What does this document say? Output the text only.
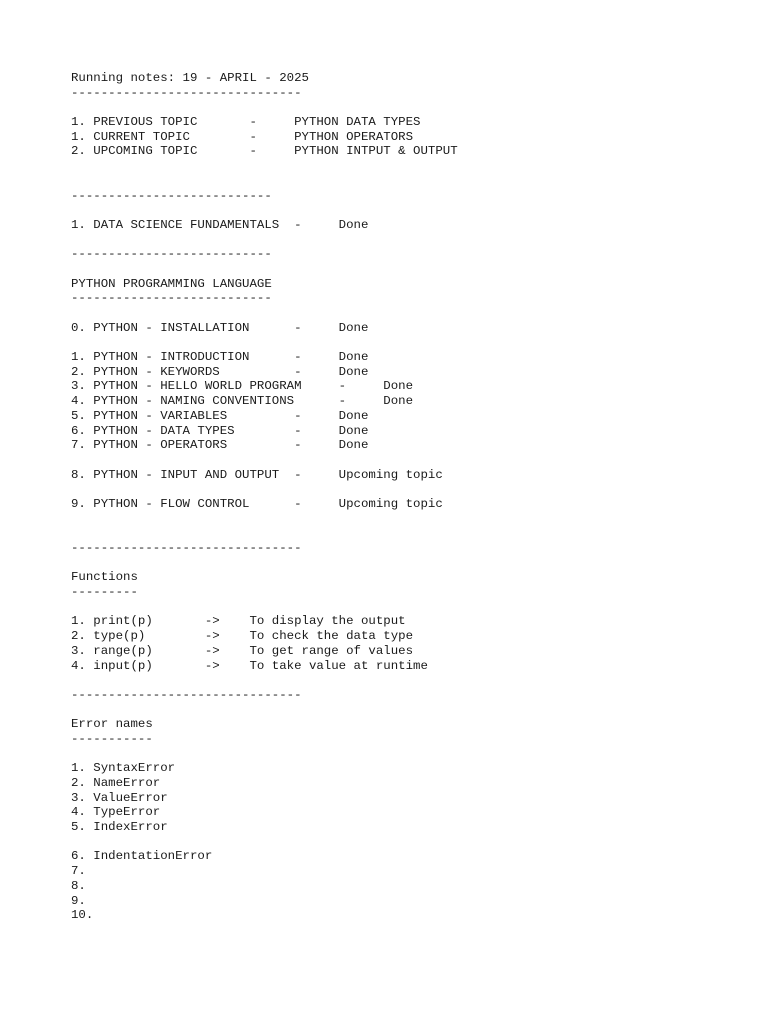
Running notes: 19 - APRIL - 2025
-------------------------------
1. PREVIOUS TOPIC       -     PYTHON DATA TYPES
1. CURRENT TOPIC        -     PYTHON OPERATORS
2. UPCOMING TOPIC       -     PYTHON INTPUT & OUTPUT
---------------------------
1. DATA SCIENCE FUNDAMENTALS  -     Done
---------------------------
PYTHON PROGRAMMING LANGUAGE
---------------------------
0. PYTHON - INSTALLATION      -     Done
1. PYTHON - INTRODUCTION      -     Done
2. PYTHON - KEYWORDS          -     Done
3. PYTHON - HELLO WORLD PROGRAM     -     Done
4. PYTHON - NAMING CONVENTIONS      -     Done
5. PYTHON - VARIABLES         -     Done
6. PYTHON - DATA TYPES        -     Done
7. PYTHON - OPERATORS         -     Done
8. PYTHON - INPUT AND OUTPUT  -     Upcoming topic
9. PYTHON - FLOW CONTROL      -     Upcoming topic
-------------------------------
Functions
---------
1. print(p)       ->    To display the output
2. type(p)        ->    To check the data type
3. range(p)       ->    To get range of values
4. input(p)       ->    To take value at runtime
-------------------------------
Error names
-----------
1. SyntaxError
2. NameError
3. ValueError
4. TypeError
5. IndexError
6. IndentationError
7.
8.
9.
10.
